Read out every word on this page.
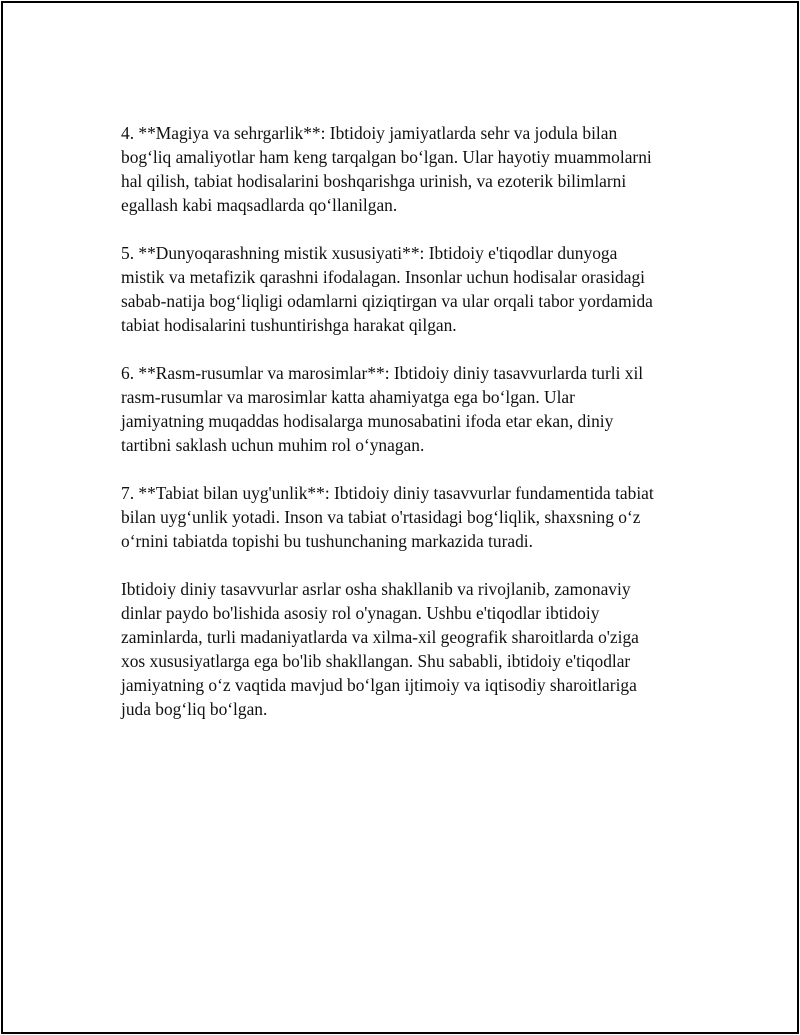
4. **Magiya va sehrgarlik**: Ibtidoiy jamiyatlarda sehr va jodula bilan
bog‘liq amaliyotlar ham keng tarqalgan bo‘lgan. Ular hayotiy muammolarni
hal qilish, tabiat hodisalarini boshqarishga urinish, va ezoterik bilimlarni
egallash kabi maqsadlarda qo‘llanilgan.

5. **Dunyoqarashning mistik xususiyati**: Ibtidoiy e'tiqodlar dunyoga
mistik va metafizik qarashni ifodalagan. Insonlar uchun hodisalar orasidagi
sabab-natija bog‘liqligi odamlarni qiziqtirgan va ular orqali tabor yordamida
tabiat hodisalarini tushuntirishga harakat qilgan.

6. **Rasm-rusumlar va marosimlar**: Ibtidoiy diniy tasavvurlarda turli xil
rasm-rusumlar va marosimlar katta ahamiyatga ega bo‘lgan. Ular
jamiyatning muqaddas hodisalarga munosabatini ifoda etar ekan, diniy
tartibni saklash uchun muhim rol o‘ynagan.

7. **Tabiat bilan uyg'unlik**: Ibtidoiy diniy tasavvurlar fundamentida tabiat
bilan uyg‘unlik yotadi. Inson va tabiat o'rtasidagi bog‘liqlik, shaxsning o‘z
o‘rnini tabiatda topishi bu tushunchaning markazida turadi.

Ibtidoiy diniy tasavvurlar asrlar osha shakllanib va rivojlanib, zamonaviy
dinlar paydo bo'lishida asosiy rol o'ynagan. Ushbu e'tiqodlar ibtidoiy
zaminlarda, turli madaniyatlarda va xilma-xil geografik sharoitlarda o'ziga
xos xususiyatlarga ega bo'lib shakllangan. Shu sababli, ibtidoiy e'tiqodlar
jamiyatning o‘z vaqtida mavjud bo‘lgan ijtimoiy va iqtisodiy sharoitlariga
juda bog‘liq bo‘lgan.
